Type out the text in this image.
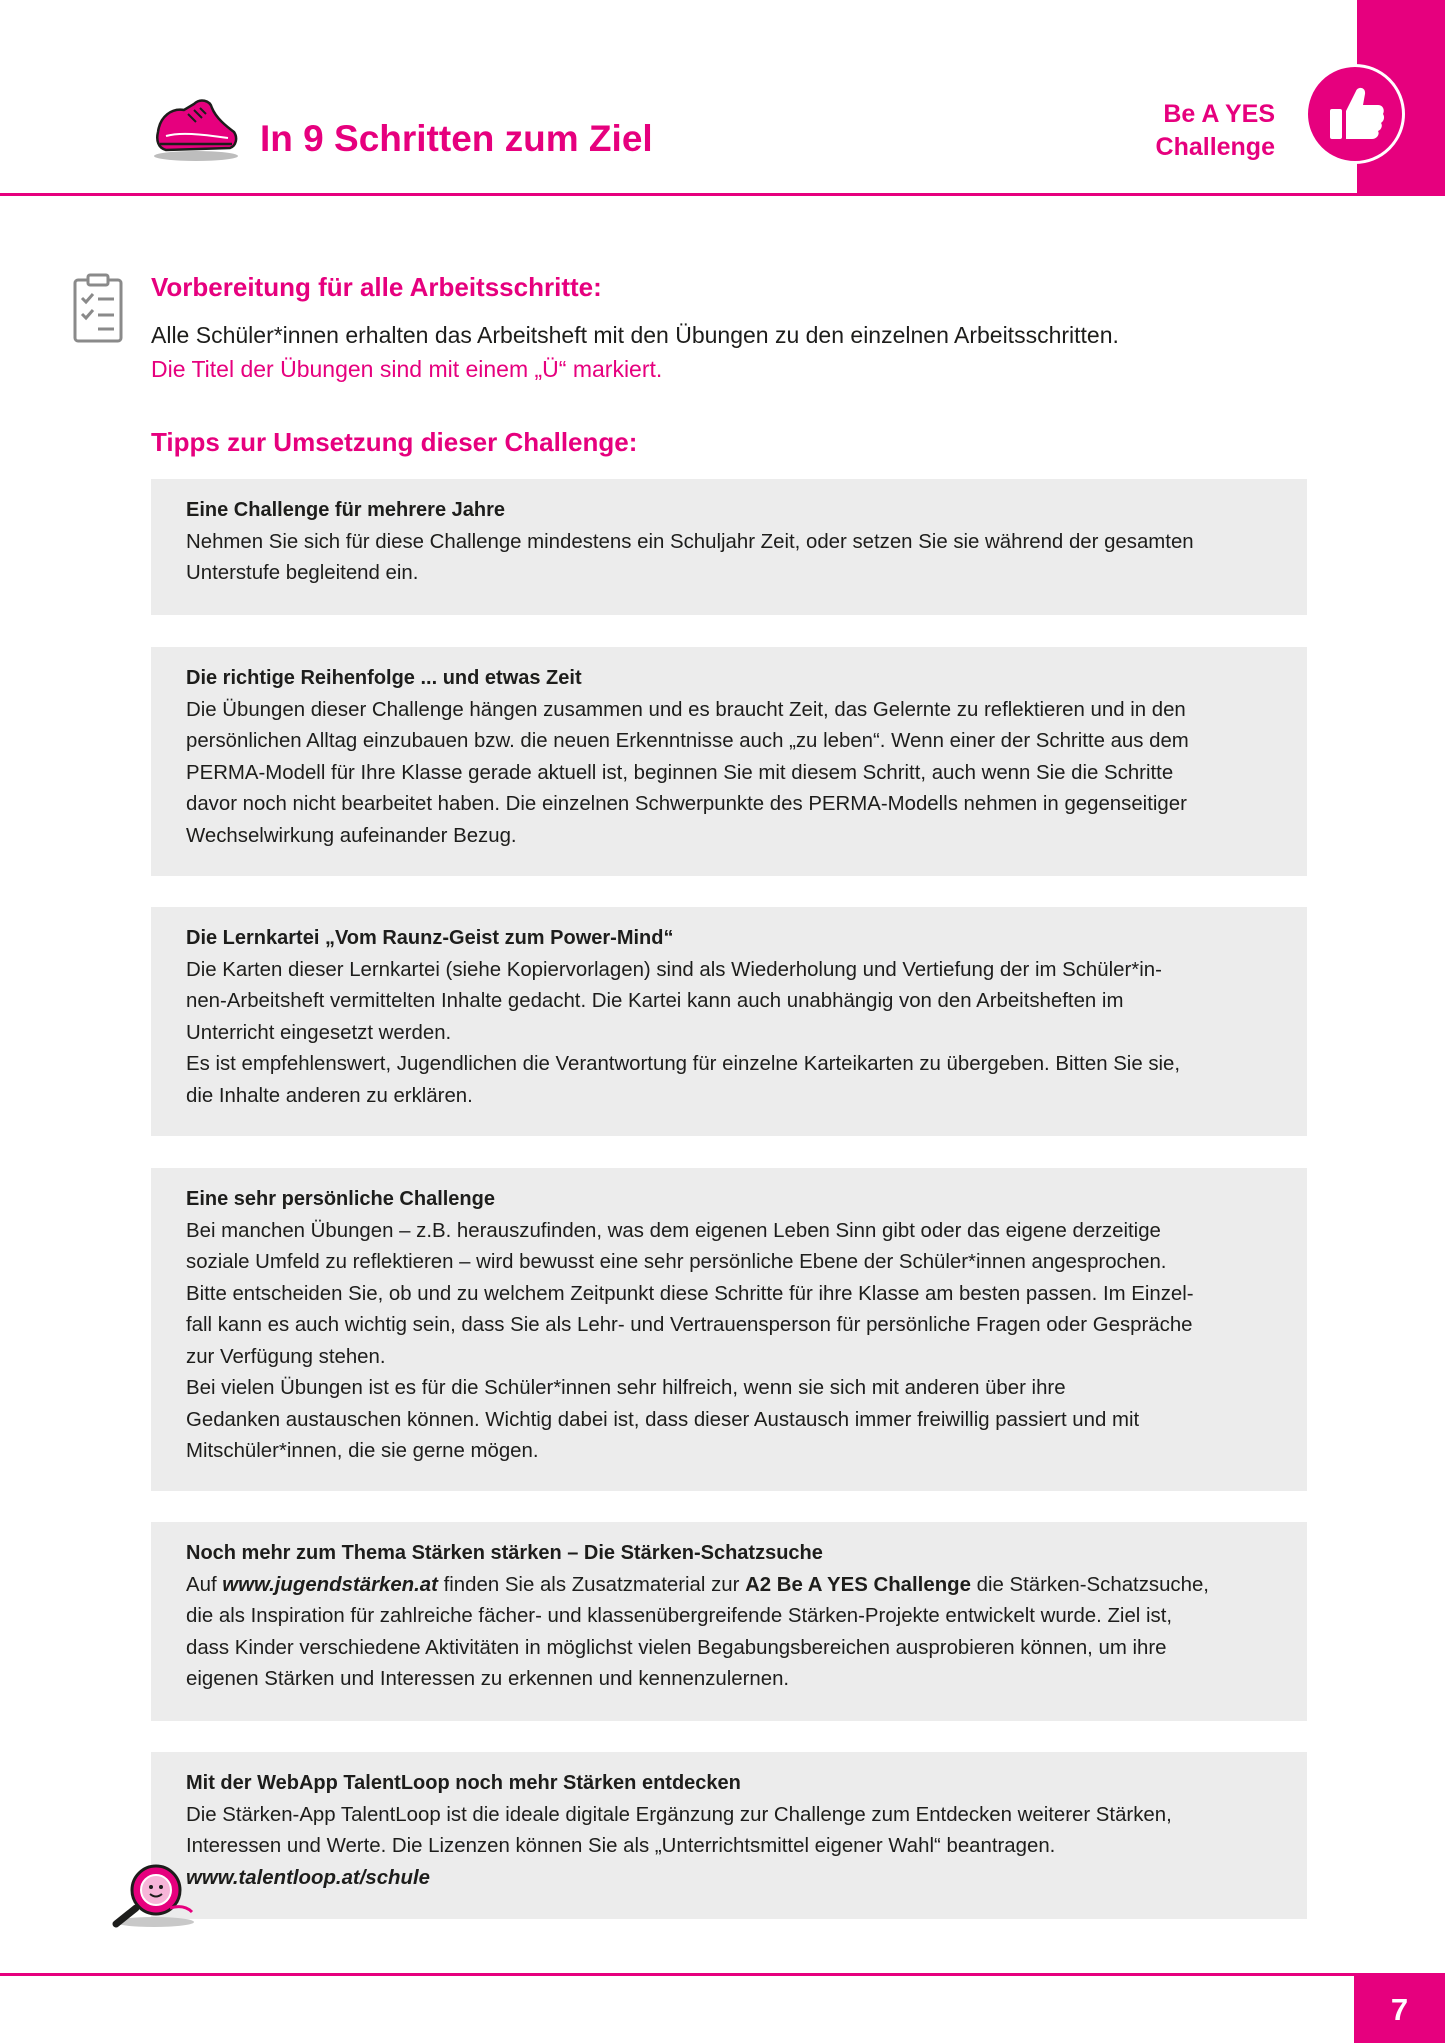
In 9 Schritten zum Ziel
Be A YES
Challenge
Vorbereitung für alle Arbeitsschritte:
Alle Schüler*innen erhalten das Arbeitsheft mit den Übungen zu den einzelnen Arbeitsschritten.
Die Titel der Übungen sind mit einem „Ü“ markiert.
Tipps zur Umsetzung dieser Challenge:
Eine Challenge für mehrere Jahre
Nehmen Sie sich für diese Challenge mindestens ein Schuljahr Zeit, oder setzen Sie sie während der gesamten
Unterstufe begleitend ein.
Die richtige Reihenfolge ... und etwas Zeit
Die Übungen dieser Challenge hängen zusammen und es braucht Zeit, das Gelernte zu reflektieren und in den
persönlichen Alltag einzubauen bzw. die neuen Erkenntnisse auch „zu leben“. Wenn einer der Schritte aus dem
PERMA-Modell für Ihre Klasse gerade aktuell ist, beginnen Sie mit diesem Schritt, auch wenn Sie die Schritte
davor noch nicht bearbeitet haben. Die einzelnen Schwerpunkte des PERMA-Modells nehmen in gegenseitiger
Wechselwirkung aufeinander Bezug.
Die Lernkartei „Vom Raunz-Geist zum Power-Mind“
Die Karten dieser Lernkartei (siehe Kopiervorlagen) sind als Wiederholung und Vertiefung der im Schüler*in-
nen-Arbeitsheft vermittelten Inhalte gedacht. Die Kartei kann auch unabhängig von den Arbeitsheften im
Unterricht eingesetzt werden.
Es ist empfehlenswert, Jugendlichen die Verantwortung für einzelne Karteikarten zu übergeben. Bitten Sie sie,
die Inhalte anderen zu erklären.
Eine sehr persönliche Challenge
Bei manchen Übungen – z.B. herauszufinden, was dem eigenen Leben Sinn gibt oder das eigene derzeitige
soziale Umfeld zu reflektieren – wird bewusst eine sehr persönliche Ebene der Schüler*innen angesprochen.
Bitte entscheiden Sie, ob und zu welchem Zeitpunkt diese Schritte für ihre Klasse am besten passen. Im Einzel-
fall kann es auch wichtig sein, dass Sie als Lehr- und Vertrauensperson für persönliche Fragen oder Gespräche
zur Verfügung stehen.
Bei vielen Übungen ist es für die Schüler*innen sehr hilfreich, wenn sie sich mit anderen über ihre
Gedanken austauschen können. Wichtig dabei ist, dass dieser Austausch immer freiwillig passiert und mit
Mitschüler*innen, die sie gerne mögen.
Noch mehr zum Thema Stärken stärken – Die Stärken-Schatzsuche
Auf www.jugendstärken.at finden Sie als Zusatzmaterial zur A2 Be A YES Challenge die Stärken-Schatzsuche,
die als Inspiration für zahlreiche fächer- und klassenübergreifende Stärken-Projekte entwickelt wurde. Ziel ist,
dass Kinder verschiedene Aktivitäten in möglichst vielen Begabungsbereichen ausprobieren können, um ihre
eigenen Stärken und Interessen zu erkennen und kennenzulernen.
Mit der WebApp TalentLoop noch mehr Stärken entdecken
Die Stärken-App TalentLoop ist die ideale digitale Ergänzung zur Challenge zum Entdecken weiterer Stärken,
Interessen und Werte. Die Lizenzen können Sie als „Unterrichtsmittel eigener Wahl“ beantragen.
www.talentloop.at/schule
7
